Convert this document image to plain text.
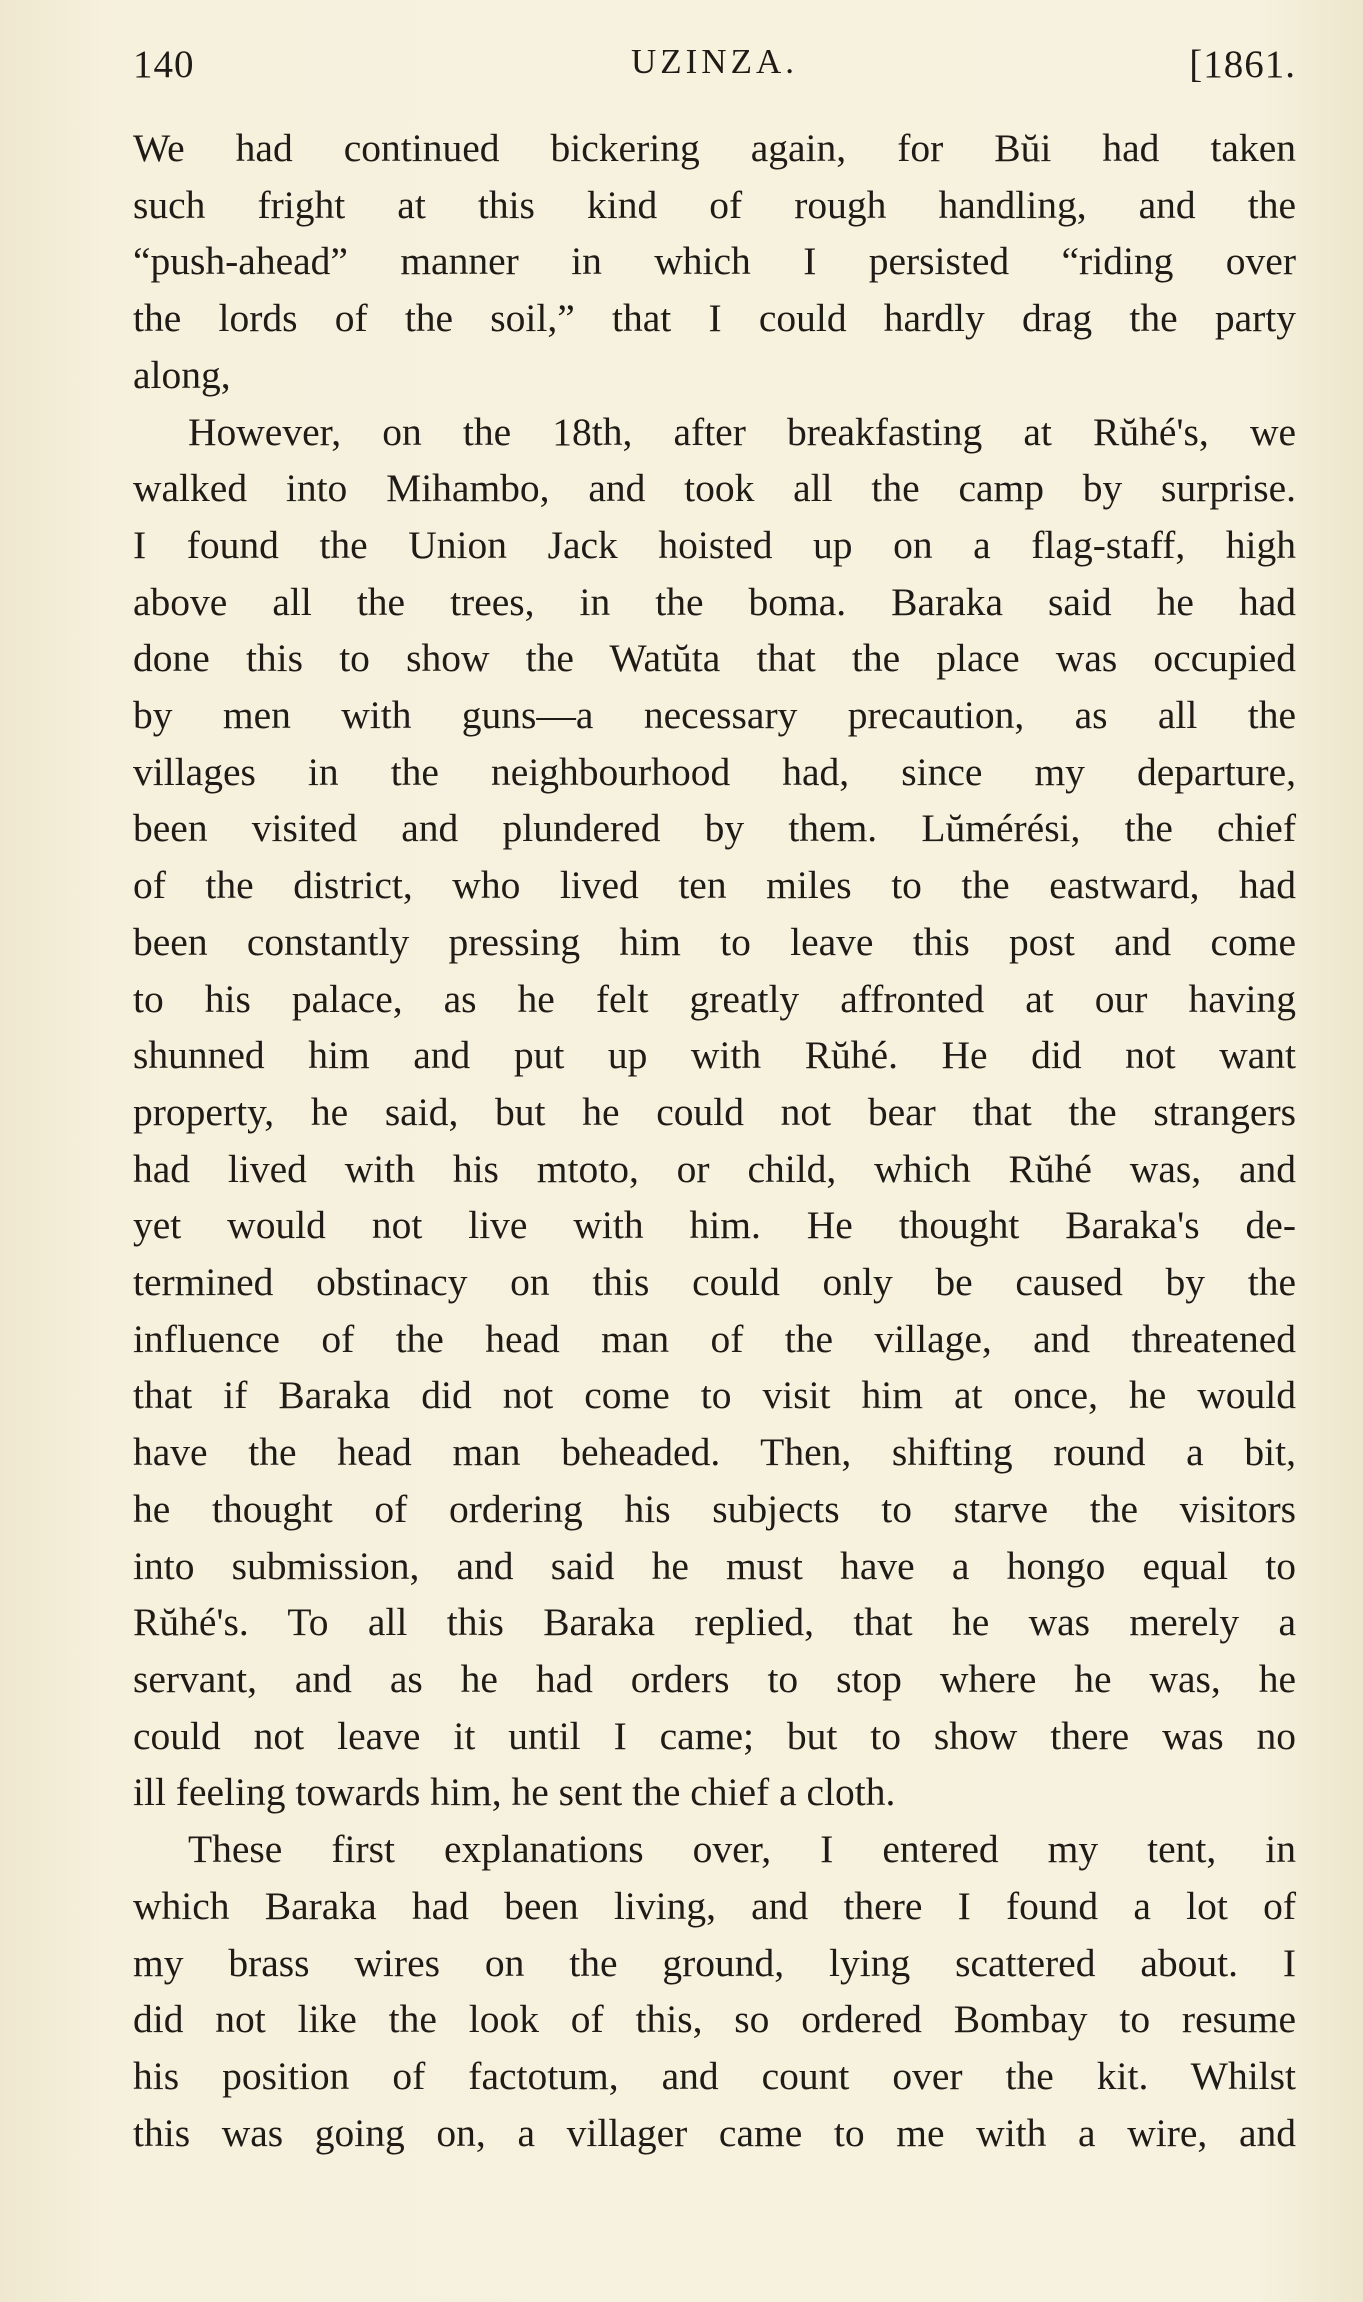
140	UZINZA.	[1861.
We had continued bickering again, for Bŭi had taken
such fright at this kind of rough handling, and the
“push-ahead” manner in which I persisted “riding over
the lords of the soil,” that I could hardly drag the party
along,
However, on the 18th, after breakfasting at Rŭhé's, we
walked into Mihambo, and took all the camp by surprise.
I found the Union Jack hoisted up on a flag-staff, high
above all the trees, in the boma. Baraka said he had
done this to show the Watŭta that the place was occupied
by men with guns—a necessary precaution, as all the
villages in the neighbourhood had, since my departure,
been visited and plundered by them. Lŭmérési, the chief
of the district, who lived ten miles to the eastward, had
been constantly pressing him to leave this post and come
to his palace, as he felt greatly affronted at our having
shunned him and put up with Rŭhé. He did not want
property, he said, but he could not bear that the strangers
had lived with his mtoto, or child, which Rŭhé was, and
yet would not live with him. He thought Baraka's de-
termined obstinacy on this could only be caused by the
influence of the head man of the village, and threatened
that if Baraka did not come to visit him at once, he would
have the head man beheaded. Then, shifting round a bit,
he thought of ordering his subjects to starve the visitors
into submission, and said he must have a hongo equal to
Rŭhé's. To all this Baraka replied, that he was merely a
servant, and as he had orders to stop where he was, he
could not leave it until I came; but to show there was no
ill feeling towards him, he sent the chief a cloth.
These first explanations over, I entered my tent, in
which Baraka had been living, and there I found a lot of
my brass wires on the ground, lying scattered about. I
did not like the look of this, so ordered Bombay to resume
his position of factotum, and count over the kit. Whilst
this was going on, a villager came to me with a wire, and
